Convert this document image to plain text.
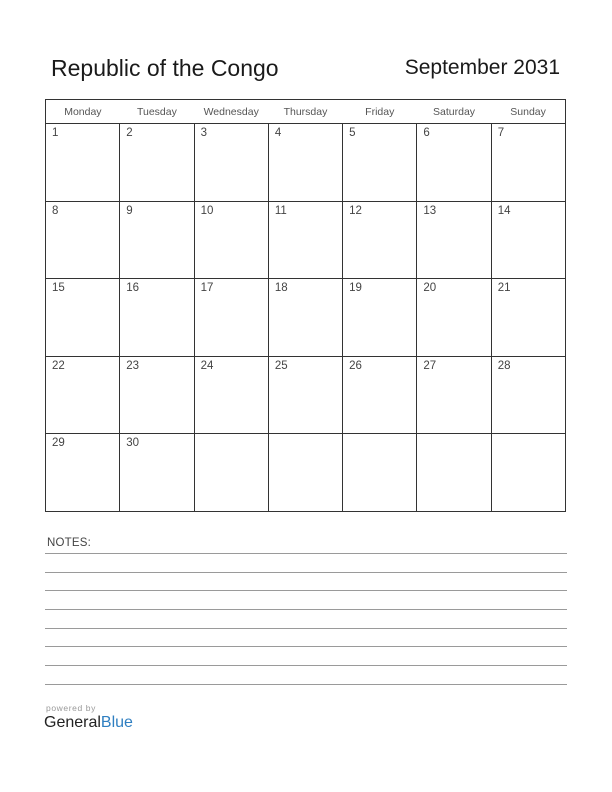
Republic of the Congo	September 2031
Monday	Tuesday	Wednesday	Thursday	Friday	Saturday	Sunday
1	2	3	4	5	6	7
8	9	10	11	12	13	14
15	16	17	18	19	20	21
22	23	24	25	26	27	28
29	30					
NOTES:
powered by
GeneralBlue
